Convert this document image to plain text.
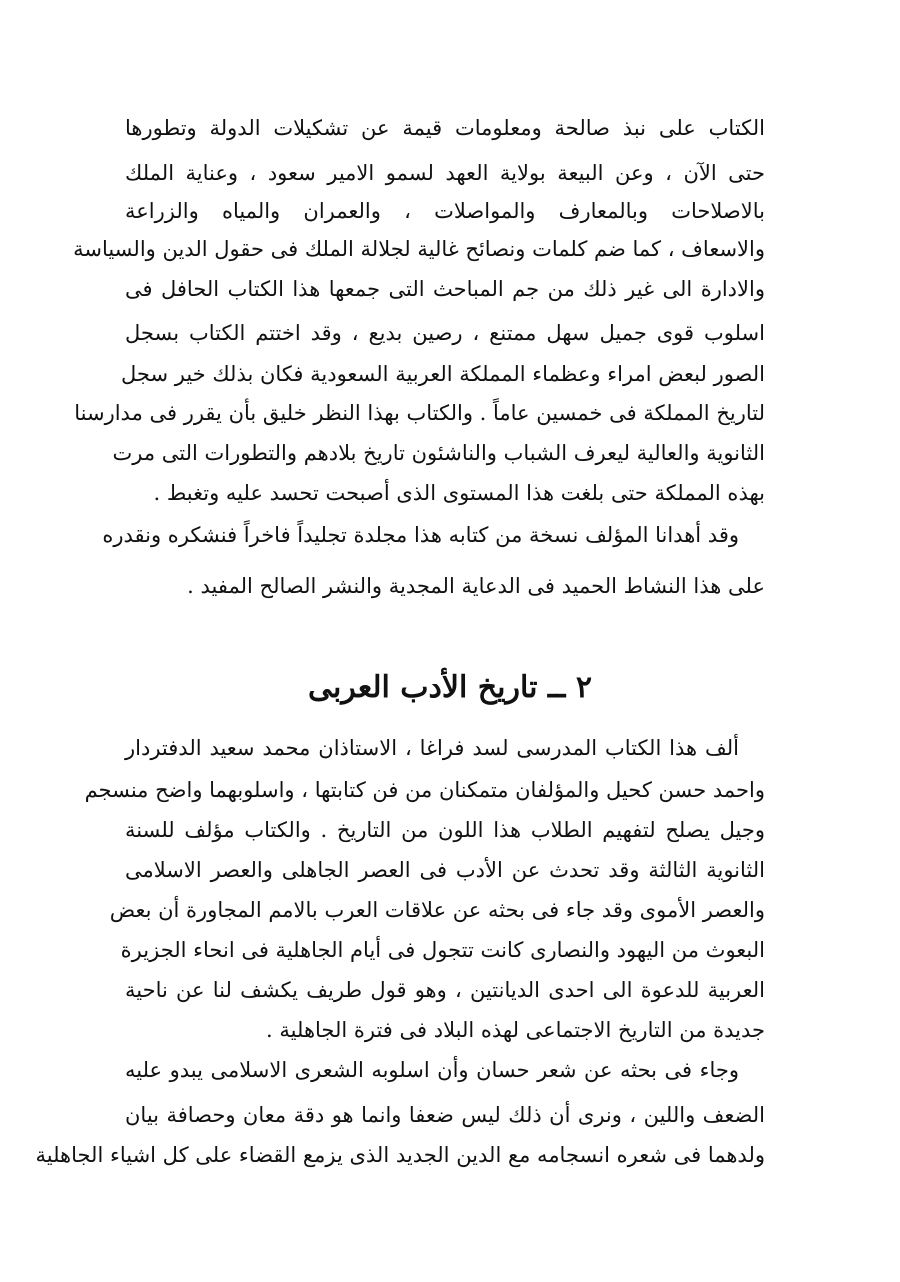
الكتاب على نبذ صالحة ومعلومات قيمة عن تشكيلات الدولة وتطورها
حتى الآن ، وعن البيعة بولاية العهد لسمو الامير سعود ، وعناية الملك
بالاصلاحات وبالمعارف والمواصلات ، والعمران والمياه والزراعة
والاسعاف ، كما ضم كلمات ونصائح غالية لجلالة الملك فى حقول الدين والسياسة
والادارة الى غير ذلك من جم المباحث التى جمعها هذا الكتاب الحافل فى
اسلوب قوى جميل سهل ممتنع ، رصين بديع ، وقد اختتم الكتاب بسجل
الصور لبعض امراء وعظماء المملكة العربية السعودية فكان بذلك خير سجل
لتاريخ المملكة فى خمسين عاماً . والكتاب بهذا النظر خليق بأن يقرر فى مدارسنا
الثانوية والعالية ليعرف الشباب والناشئون تاريخ بلادهم والتطورات التى مرت
بهذه المملكة حتى بلغت هذا المستوى الذى أصبحت تحسد عليه وتغبط .
وقد أهدانا المؤلف نسخة من كتابه هذا مجلدة تجليداً فاخراً فنشكره ونقدره
على هذا النشاط الحميد فى الدعاية المجدية والنشر الصالح المفيد .
٢ ــ تاريخ الأدب العربى
ألف هذا الكتاب المدرسى لسد فراغا ، الاستاذان محمد سعيد الدفتردار
واحمد حسن كحيل والمؤلفان متمكنان من فن كتابتها ، واسلوبهما واضح منسجم
وجيل يصلح لتفهيم الطلاب هذا اللون من التاريخ . والكتاب مؤلف للسنة
الثانوية الثالثة وقد تحدث عن الأدب فى العصر الجاهلى والعصر الاسلامى
والعصر الأموى وقد جاء فى بحثه عن علاقات العرب بالامم المجاورة أن بعض
البعوث من اليهود والنصارى كانت تتجول فى أيام الجاهلية فى انحاء الجزيرة
العربية للدعوة الى احدى الديانتين ، وهو قول طريف يكشف لنا عن ناحية
جديدة من التاريخ الاجتماعى لهذه البلاد فى فترة الجاهلية .
وجاء فى بحثه عن شعر حسان وأن اسلوبه الشعرى الاسلامى يبدو عليه
الضعف واللين ، ونرى أن ذلك ليس ضعفا وانما هو دقة معان وحصافة بيان
ولدهما فى شعره انسجامه مع الدين الجديد الذى يزمع القضاء على كل اشياء الجاهلية
